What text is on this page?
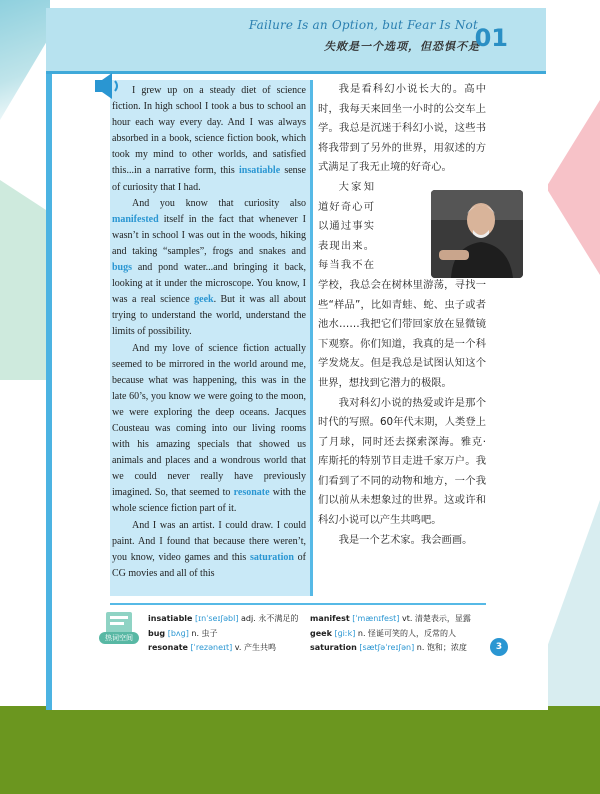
Failure Is an Option, but Fear Is Not
失败是一个选项，但恐惧不是
01

I grew up on a steady diet of science fiction. In high school I took a bus to school an hour each way every day. And I was always absorbed in a book, science fiction book, which took my mind to other worlds, and satisfied this...in a narrative form, this insatiable sense of curiosity that I had.

And you know that curiosity also manifested itself in the fact that whenever I wasn’t in school I was out in the woods, hiking and taking “samples”, frogs and snakes and bugs and pond water...and bringing it back, looking at it under the microscope. You know, I was a real science geek. But it was all about trying to understand the world, understand the limits of possibility.

And my love of science fiction actually seemed to be mirrored in the world around me, because what was happening, this was in the late 60’s, you know we were going to the moon, we were exploring the deep oceans. Jacques Cousteau was coming into our living rooms with his amazing specials that showed us animals and places and a wondrous world that we could never really have previously imagined. So, that seemed to resonate with the whole science fiction part of it.

And I was an artist. I could draw. I could paint. And I found that because there weren’t, you know, video games and this saturation of CG movies and all of this

我是看科幻小说长大的。高中时，我每天来回坐一小时的公交车上学。我总是沉迷于科幻小说，这些书将我带到了另外的世界，用叙述的方式满足了我无止境的好奇心。

大家知道好奇心可以通过事实表现出来。每当我不在学校，我总会在树林里游荡，寻找一些“样品”，比如青蛙、蛇、虫子或者池水……我把它们带回家放在显微镜下观察。你们知道，我真的是一个科学发烧友。但是我总是试图认知这个世界，想找到它潜力的极限。

我对科幻小说的热爱或许是那个时代的写照。60年代末期，人类登上了月球，同时还去探索深海。雅克·库斯托的特别节目走进千家万户。我们看到了不同的动物和地方，一个我们以前从未想象过的世界。这或许和科幻小说可以产生共鸣吧。

我是一个艺术家。我会画画。

热词空间
insatiable [ɪnˈseɪʃəbl] adj. 永不满足的	manifest [ˈmænɪfest] vt. 清楚表示，显露
bug [bʌɡ] n. 虫子	geek [ɡiːk] n. 怪诞可笑的人，反常的人
resonate [ˈrezəneɪt] v. 产生共鸣	saturation [sætʃəˈreɪʃən] n. 饱和；浓度	3
